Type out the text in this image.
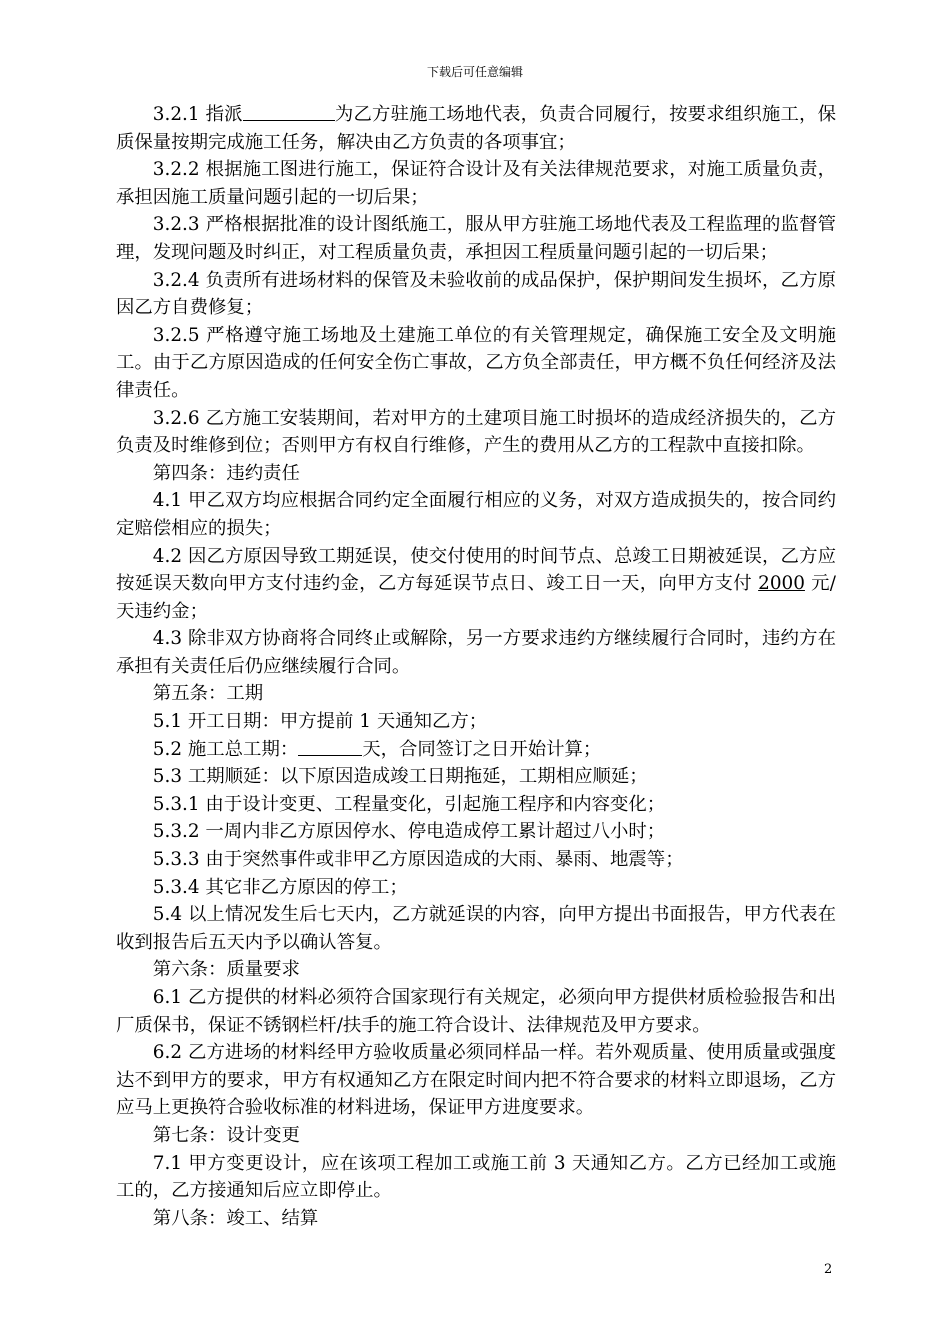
下载后可任意编辑

3.2.1 指派	为乙方驻施工场地代表，负责合同履行，按要求组织施工，保质保量按期完成施工任务，解决由乙方负责的各项事宜；

3.2.2 根据施工图进行施工，保证符合设计及有关法律规范要求，对施工质量负责，承担因施工质量问题引起的一切后果；

3.2.3 严格根据批准的设计图纸施工，服从甲方驻施工场地代表及工程监理的监督管理，发现问题及时纠正，对工程质量负责，承担因工程质量问题引起的一切后果；

3.2.4 负责所有进场材料的保管及未验收前的成品保护，保护期间发生损坏，乙方原因乙方自费修复；

3.2.5 严格遵守施工场地及土建施工单位的有关管理规定，确保施工安全及文明施工。由于乙方原因造成的任何安全伤亡事故，乙方负全部责任，甲方概不负任何经济及法律责任。

3.2.6 乙方施工安装期间，若对甲方的土建项目施工时损坏的造成经济损失的，乙方负责及时维修到位；否则甲方有权自行维修，产生的费用从乙方的工程款中直接扣除。

第四条：违约责任

4.1 甲乙双方均应根据合同约定全面履行相应的义务，对双方造成损失的，按合同约定赔偿相应的损失；

4.2 因乙方原因导致工期延误，使交付使用的时间节点、总竣工日期被延误，乙方应按延误天数向甲方支付违约金，乙方每延误节点日、竣工日一天，向甲方支付 2000 元/天违约金；

4.3 除非双方协商将合同终止或解除，另一方要求违约方继续履行合同时，违约方在承担有关责任后仍应继续履行合同。

第五条：工期

5.1 开工日期：甲方提前 1 天通知乙方；

5.2 施工总工期：	天，合同签订之日开始计算；

5.3 工期顺延：以下原因造成竣工日期拖延，工期相应顺延；

5.3.1 由于设计变更、工程量变化，引起施工程序和内容变化；

5.3.2 一周内非乙方原因停水、停电造成停工累计超过八小时；

5.3.3 由于突然事件或非甲乙方原因造成的大雨、暴雨、地震等；

5.3.4 其它非乙方原因的停工；

5.4 以上情况发生后七天内，乙方就延误的内容，向甲方提出书面报告，甲方代表在收到报告后五天内予以确认答复。

第六条：质量要求

6.1 乙方提供的材料必须符合国家现行有关规定，必须向甲方提供材质检验报告和出厂质保书，保证不锈钢栏杆/扶手的施工符合设计、法律规范及甲方要求。

6.2 乙方进场的材料经甲方验收质量必须同样品一样。若外观质量、使用质量或强度达不到甲方的要求，甲方有权通知乙方在限定时间内把不符合要求的材料立即退场，乙方应马上更换符合验收标准的材料进场，保证甲方进度要求。

第七条：设计变更

7.1 甲方变更设计，应在该项工程加工或施工前 3 天通知乙方。乙方已经加工或施工的，乙方接通知后应立即停止。

第八条：竣工、结算

2
